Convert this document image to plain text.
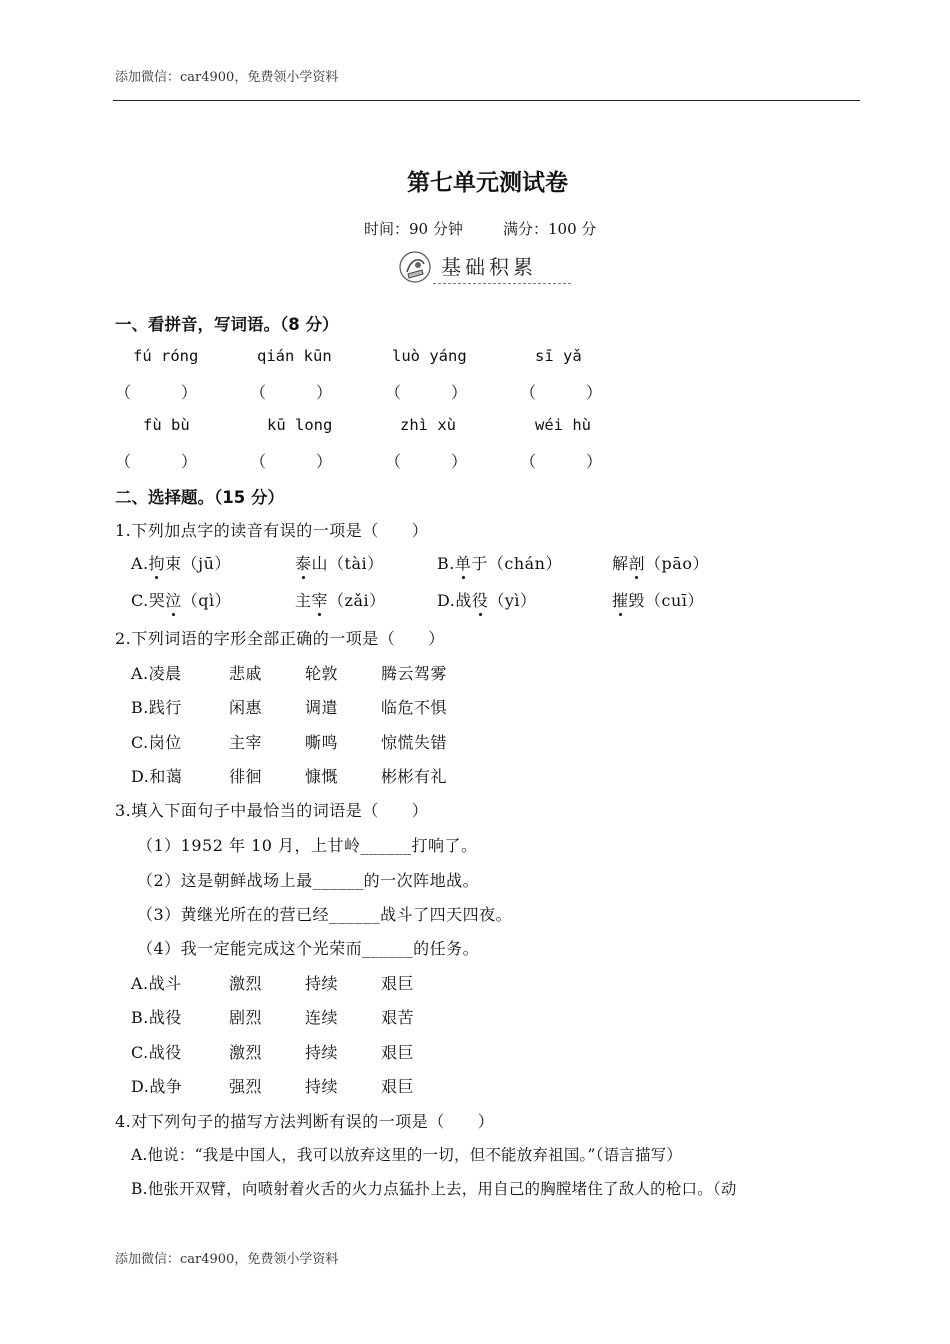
添加微信：car4900，免费领小学资料
第七单元测试卷
时间：90 分钟	满分：100 分
基础积累
一、看拼音，写词语。（8 分）
fú róng	qián kūn	luò yáng	sī yǎ
（　　　）	（　　　）	（　　　）	（　　　）
fù bù	kū long	zhì xù	wéi hù
（　　　）	（　　　）	（　　　）	（　　　）
二、选择题。（15 分）
1.下列加点字的读音有误的一项是（　　）
A.拘束（jū）	泰山（tài）	B.单于（chán）	解剖（pāo）
C.哭泣（qì）	主宰（zǎi）	D.战役（yì）	摧毁（cuī）
2.下列词语的字形全部正确的一项是（　　）
A.凌晨	悲戚	轮敦	腾云驾雾
B.践行	闲惠	调遣	临危不惧
C.岗位	主宰	嘶鸣	惊慌失错
D.和蔼	徘徊	慷慨	彬彬有礼
3.填入下面句子中最恰当的词语是（　　）
（1）1952 年 10 月，上甘岭______打响了。
（2）这是朝鲜战场上最______的一次阵地战。
（3）黄继光所在的营已经______战斗了四天四夜。
（4）我一定能完成这个光荣而______的任务。
A.战斗	激烈	持续	艰巨
B.战役	剧烈	连续	艰苦
C.战役	激烈	持续	艰巨
D.战争	强烈	持续	艰巨
4.对下列句子的描写方法判断有误的一项是（　　）
A.他说：“我是中国人，我可以放弃这里的一切，但不能放弃祖国。”（语言描写）
B.他张开双臂，向喷射着火舌的火力点猛扑上去，用自己的胸膛堵住了敌人的枪口。（动
添加微信：car4900，免费领小学资料
